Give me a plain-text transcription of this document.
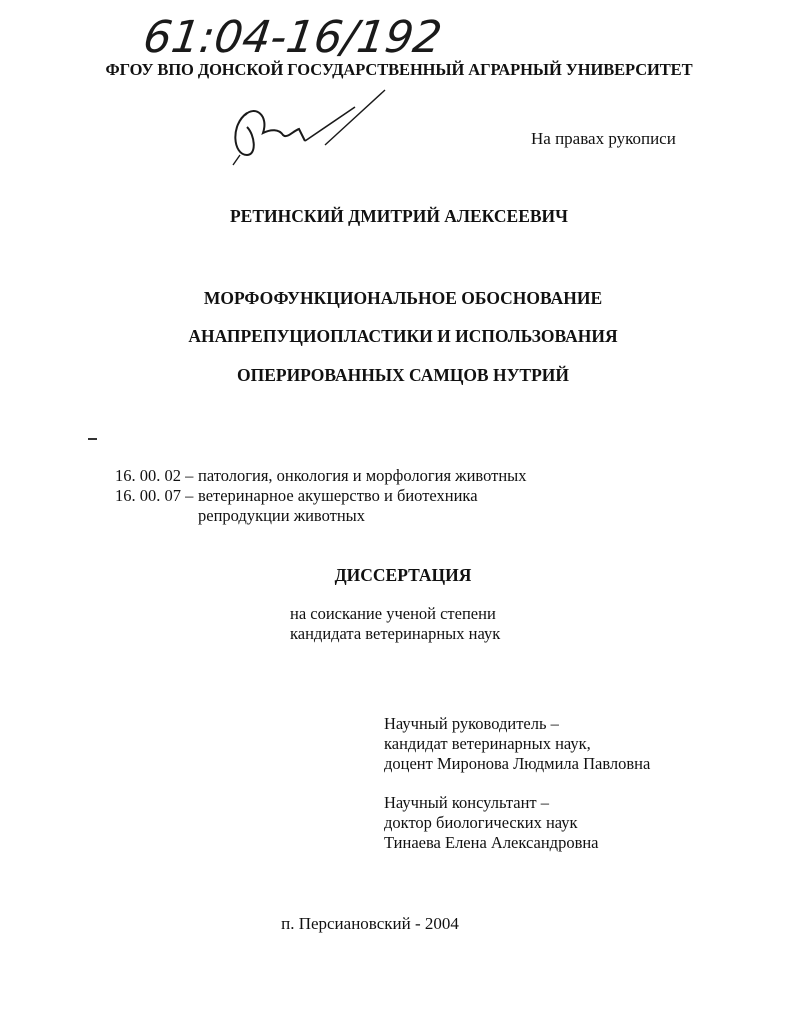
61:04-16/192
ФГОУ ВПО ДОНСКОЙ ГОСУДАРСТВЕННЫЙ АГРАРНЫЙ УНИВЕРСИТЕТ
На правах рукописи
РЕТИНСКИЙ ДМИТРИЙ АЛЕКСЕЕВИЧ
МОРФОФУНКЦИОНАЛЬНОЕ ОБОСНОВАНИЕ
АНАПРЕПУЦИОПЛАСТИКИ И ИСПОЛЬЗОВАНИЯ
ОПЕРИРОВАННЫХ САМЦОВ НУТРИЙ
16. 00. 02 – патология, онкология и морфология животных
16. 00. 07 – ветеринарное акушерство и биотехника
репродукции животных
ДИССЕРТАЦИЯ
на соискание ученой степени
кандидата ветеринарных наук
Научный руководитель –
кандидат ветеринарных наук,
доцент Миронова Людмила Павловна
Научный консультант –
доктор биологических наук
Тинаева Елена Александровна
п. Персиановский - 2004
